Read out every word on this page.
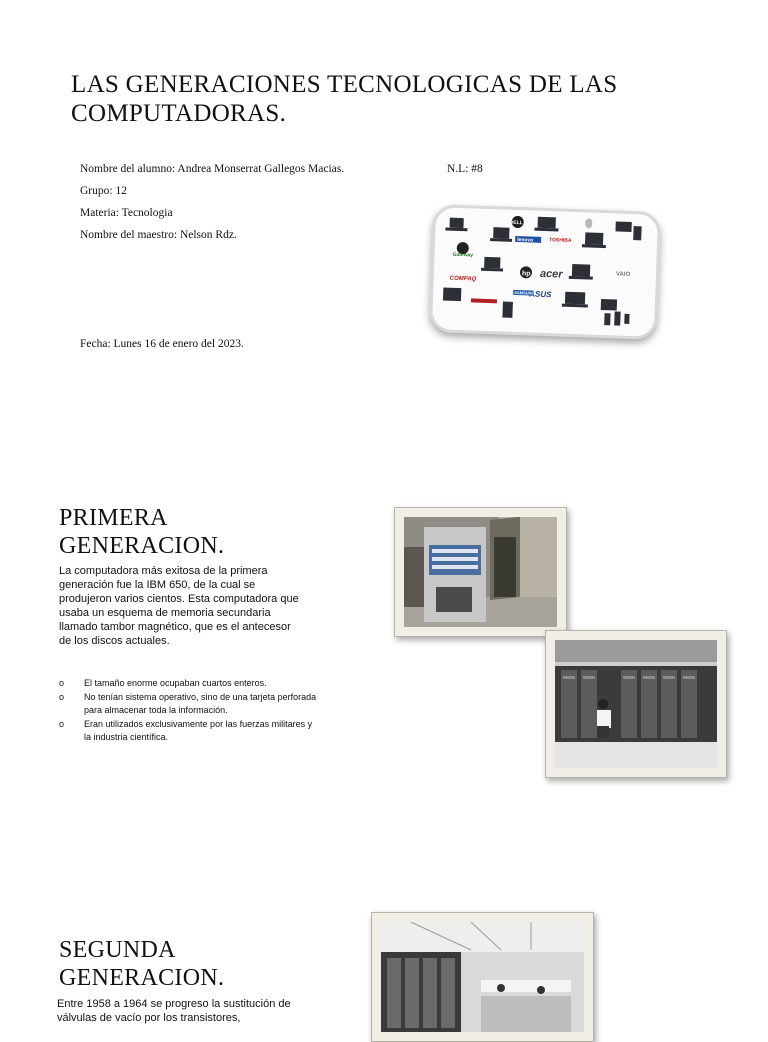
LAS GENERACIONES TECNOLOGICAS DE LAS COMPUTADORAS.
Nombre del alumno: Andrea Monserrat Gallegos Macias.	N.L: #8
Grupo: 12
Materia: Tecnologia
Nombre del maestro: Nelson Rdz.
Fecha: Lunes 16 de enero del 2023.
DELL
lenovo	TOSHIBA
hp acer
COMPAQ
ASUS
Gateway
SAMSUNG
VAIO
PRIMERA
GENERACION.

La computadora más exitosa de la primera generación fue la IBM 650, de la cual se produjeron varios cientos. Esta computadora que usaba un esquema de memoria secundaria llamado tambor magnético, que es el antecesor de los discos actuales.

o El tamaño enorme ocupaban cuartos enteros.
o No tenían sistema operativo, sino de una tarjeta perforada para almacenar toda la información.
o Eran utilizados exclusivamente por las fuerzas militares y la industria científica.
SEGUNDA
GENERACION.

Entre 1958 a 1964 se progreso la sustitución de válvulas de vacío por los transistores,
